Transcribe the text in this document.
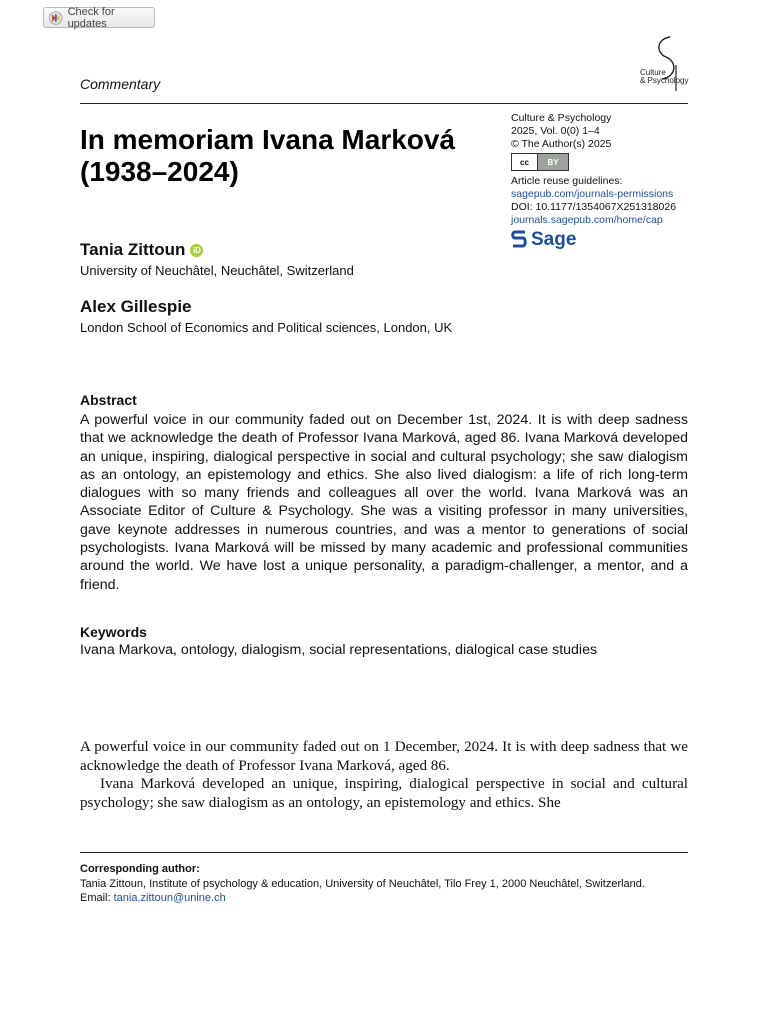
Check for updates
Culture
& Psychology
Commentary
In memoriam Ivana Marková (1938–2024)
Culture & Psychology
2025, Vol. 0(0) 1–4
© The Author(s) 2025
cc	BY
Article reuse guidelines:
sagepub.com/journals-permissions
DOI: 10.1177/1354067X251318026
journals.sagepub.com/home/cap
Sage
Tania Zittoun iD
University of Neuchâtel, Neuchâtel, Switzerland
Alex Gillespie
London School of Economics and Political sciences, London, UK
Abstract
A powerful voice in our community faded out on December 1st, 2024. It is with deep sadness that we acknowledge the death of Professor Ivana Marková, aged 86. Ivana Marková developed an unique, inspiring, dialogical perspective in social and cultural psychology; she saw dialogism as an ontology, an epistemology and ethics. She also lived dialogism: a life of rich long-term dialogues with so many friends and colleagues all over the world. Ivana Marková was an Associate Editor of Culture & Psychology. She was a visiting professor in many universities, gave keynote addresses in numerous countries, and was a mentor to generations of social psychologists. Ivana Marková will be missed by many academic and professional communities around the world. We have lost a unique personality, a paradigm-challenger, a mentor, and a friend.
Keywords
Ivana Markova, ontology, dialogism, social representations, dialogical case studies

A powerful voice in our community faded out on 1 December, 2024. It is with deep sadness that we acknowledge the death of Professor Ivana Marková, aged 86.

Ivana Marková developed an unique, inspiring, dialogical perspective in social and cultural psychology; she saw dialogism as an ontology, an epistemology and ethics. She

Corresponding author:
Tania Zittoun, Institute of psychology & education, University of Neuchâtel, Tilo Frey 1, 2000 Neuchâtel, Switzerland.
Email: tania.zittoun@unine.ch
